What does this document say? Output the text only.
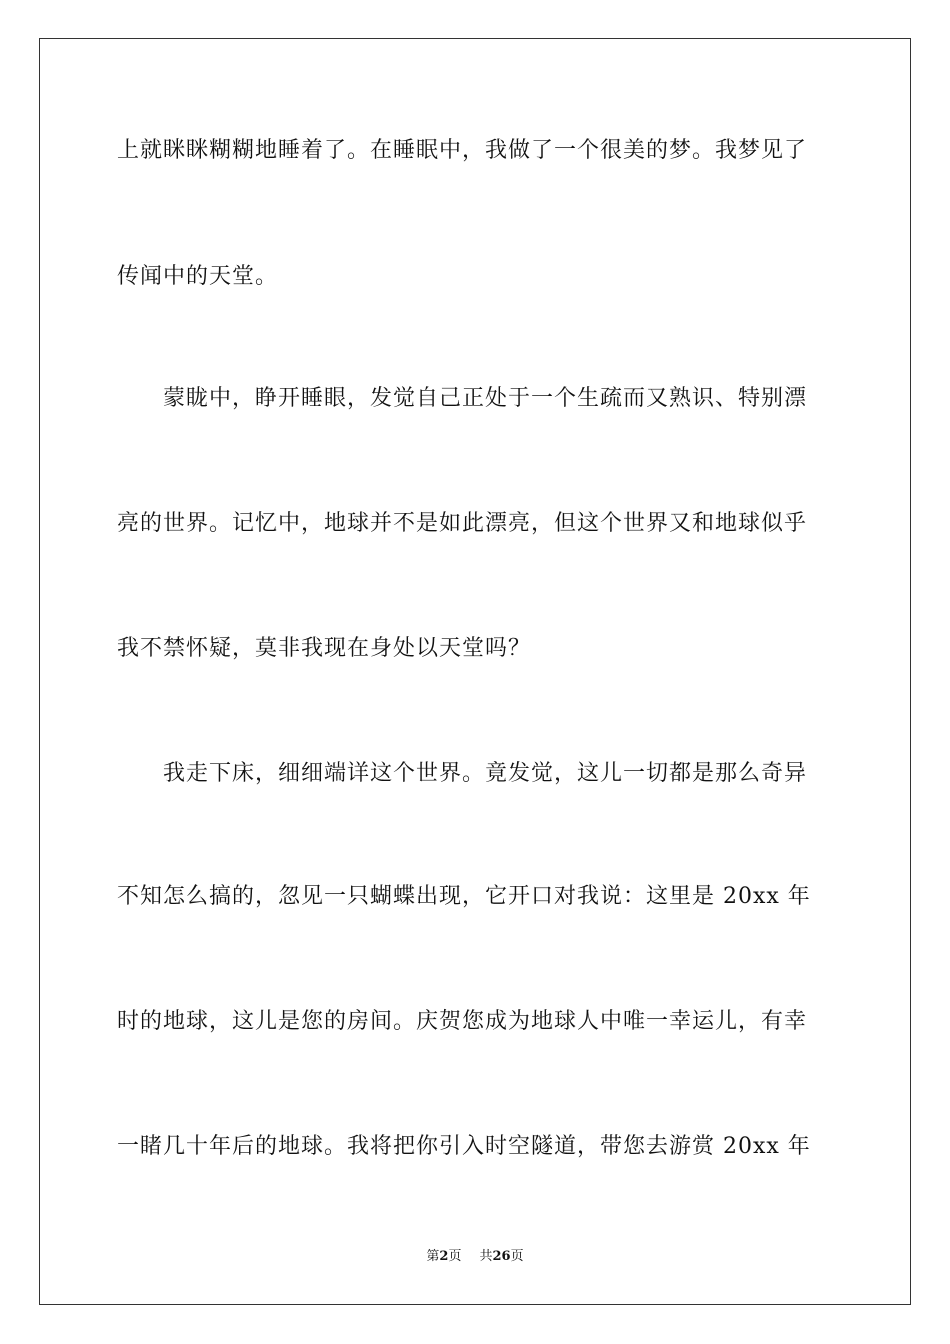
上就眯眯糊糊地睡着了。在睡眠中，我做了一个很美的梦。我梦见了
传闻中的天堂。
蒙眬中，睁开睡眼，发觉自己正处于一个生疏而又熟识、特别漂
亮的世界。记忆中，地球并不是如此漂亮，但这个世界又和地球似乎
我不禁怀疑，莫非我现在身处以天堂吗？
我走下床，细细端详这个世界。竟发觉，这儿一切都是那么奇异
不知怎么搞的，忽见一只蝴蝶出现，它开口对我说：这里是 20xx 年
时的地球，这儿是您的房间。庆贺您成为地球人中唯一幸运儿，有幸
一睹几十年后的地球。我将把你引入时空隧道，带您去游赏 20xx 年
第2页 共26页
